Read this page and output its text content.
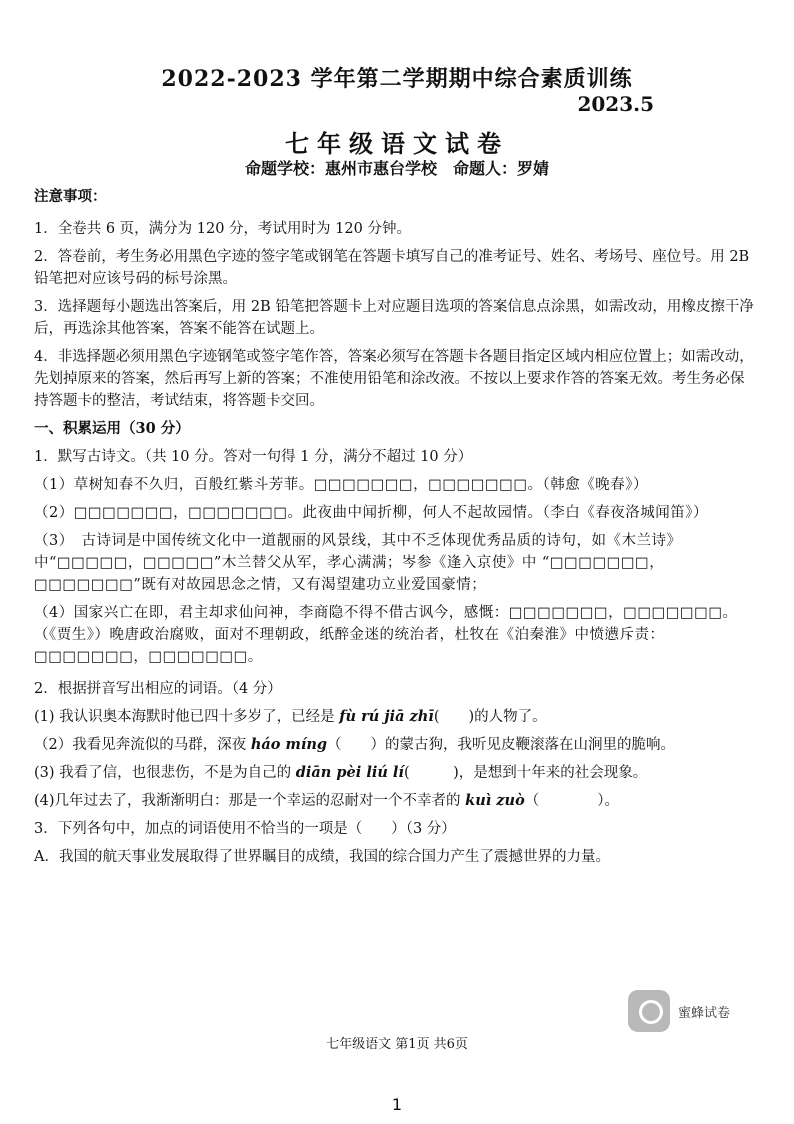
2022-2023 学年第二学期期中综合素质训练
2023.5
七年级语文试卷
命题学校：惠州市惠台学校　命题人：罗婧
注意事项：

1．全卷共 6 页，满分为 120 分，考试用时为 120 分钟。

2．答卷前，考生务必用黑色字迹的签字笔或钢笔在答题卡填写自己的准考证号、姓名、考场号、座位号。用 2B 铅笔把对应该号码的标号涂黑。

3．选择题每小题选出答案后，用 2B 铅笔把答题卡上对应题目选项的答案信息点涂黑，如需改动，用橡皮擦干净后，再选涂其他答案，答案不能答在试题上。

4．非选择题必须用黑色字迹钢笔或签字笔作答，答案必须写在答题卡各题目指定区域内相应位置上；如需改动，先划掉原来的答案，然后再写上新的答案；不准使用铅笔和涂改液。不按以上要求作答的答案无效。考生务必保持答题卡的整洁，考试结束，将答题卡交回。

一、积累运用（30 分）

1．默写古诗文。（共 10 分。答对一句得 1 分，满分不超过 10 分）

（1）草树知春不久归，百般红紫斗芳菲。□□□□□□□，□□□□□□□。（韩愈《晚春》）

（2）□□□□□□□，□□□□□□□。此夜曲中闻折柳，何人不起故园情。（李白《春夜洛城闻笛》）

（3）　古诗词是中国传统文化中一道靓丽的风景线，其中不乏体现优秀品质的诗句，如《木兰诗》中“□□□□□，□□□□□”木兰替父从军，孝心满满；岑参《逢入京使》中 “□□□□□□□，□□□□□□□”既有对故园思念之情，又有渴望建功立业爱国豪情；

（4）国家兴亡在即，君主却求仙问神，李商隐不得不借古讽今，感慨：□□□□□□□，□□□□□□□。（《贾生》）晚唐政治腐败，面对不理朝政，纸醉金迷的统治者，杜牧在《泊秦淮》中愤懑斥责：□□□□□□□，□□□□□□□。

2．根据拼音写出相应的词语。（4 分）

(1) 我认识奥本海默时他已四十多岁了，已经是 fù rú jiā zhī(　　)的人物了。

（2）我看见奔流似的马群，深夜 háo míng（　　）的蒙古狗，我听见皮鞭滚落在山涧里的脆响。

(3) 我看了信，也很悲伤，不是为自己的 diān pèi liú lí(　　　)，是想到十年来的社会现象。

(4)几年过去了，我渐渐明白：那是一个幸运的忍耐对一个不幸者的 kuì zuò（　　　　）。

3．下列各句中，加点的词语使用不恰当的一项是（　　）（3 分）

A．我国的航天事业发展取得了世界瞩目的成绩，我国的综合国力产生了震撼世界的力量。

蜜蜂试卷
七年级语文 第1页 共6页
1
